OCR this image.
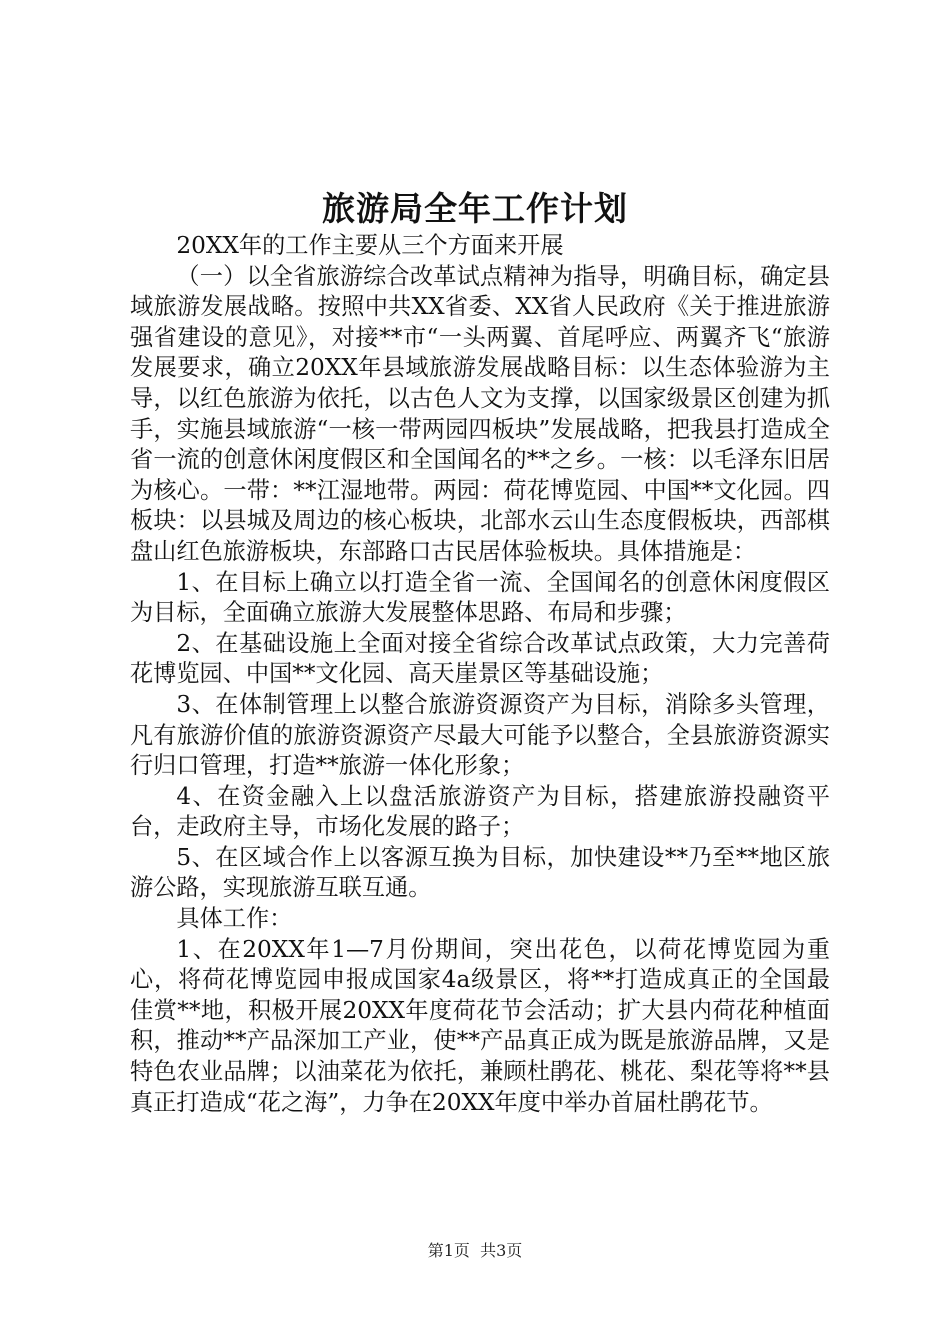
旅游局全年工作计划

20XX年的工作主要从三个方面来开展

（一）以全省旅游综合改革试点精神为指导，明确目标，确定县域旅游发展战略。按照中共XX省委、XX省人民政府《关于推进旅游强省建设的意见》，对接**市“一头两翼、首尾呼应、两翼齐飞“旅游发展要求，确立20XX年县域旅游发展战略目标：以生态体验游为主导，以红色旅游为依托，以古色人文为支撑，以国家级景区创建为抓手，实施县域旅游“一核一带两园四板块”发展战略，把我县打造成全省一流的创意休闲度假区和全国闻名的**之乡。一核：以毛泽东旧居为核心。一带：**江湿地带。两园：荷花博览园、中国**文化园。四板块：以县城及周边的核心板块，北部水云山生态度假板块，西部棋盘山红色旅游板块，东部路口古民居体验板块。具体措施是：

1、在目标上确立以打造全省一流、全国闻名的创意休闲度假区为目标，全面确立旅游大发展整体思路、布局和步骤；

2、在基础设施上全面对接全省综合改革试点政策，大力完善荷花博览园、中国**文化园、高天崖景区等基础设施；

3、在体制管理上以整合旅游资源资产为目标，消除多头管理，凡有旅游价值的旅游资源资产尽最大可能予以整合，全县旅游资源实行归口管理，打造**旅游一体化形象；

4、在资金融入上以盘活旅游资产为目标，搭建旅游投融资平台，走政府主导，市场化发展的路子；

5、在区域合作上以客源互换为目标，加快建设**乃至**地区旅游公路，实现旅游互联互通。

具体工作：

1、在20XX年1—7月份期间，突出花色，以荷花博览园为重心，将荷花博览园申报成国家4a级景区，将**打造成真正的全国最佳赏**地，积极开展20XX年度荷花节会活动；扩大县内荷花种植面积，推动**产品深加工产业，使**产品真正成为既是旅游品牌，又是特色农业品牌；以油菜花为依托，兼顾杜鹃花、桃花、梨花等将**县真正打造成“花之海”，力争在20XX年度中举办首届杜鹃花节。

第1页 共3页
